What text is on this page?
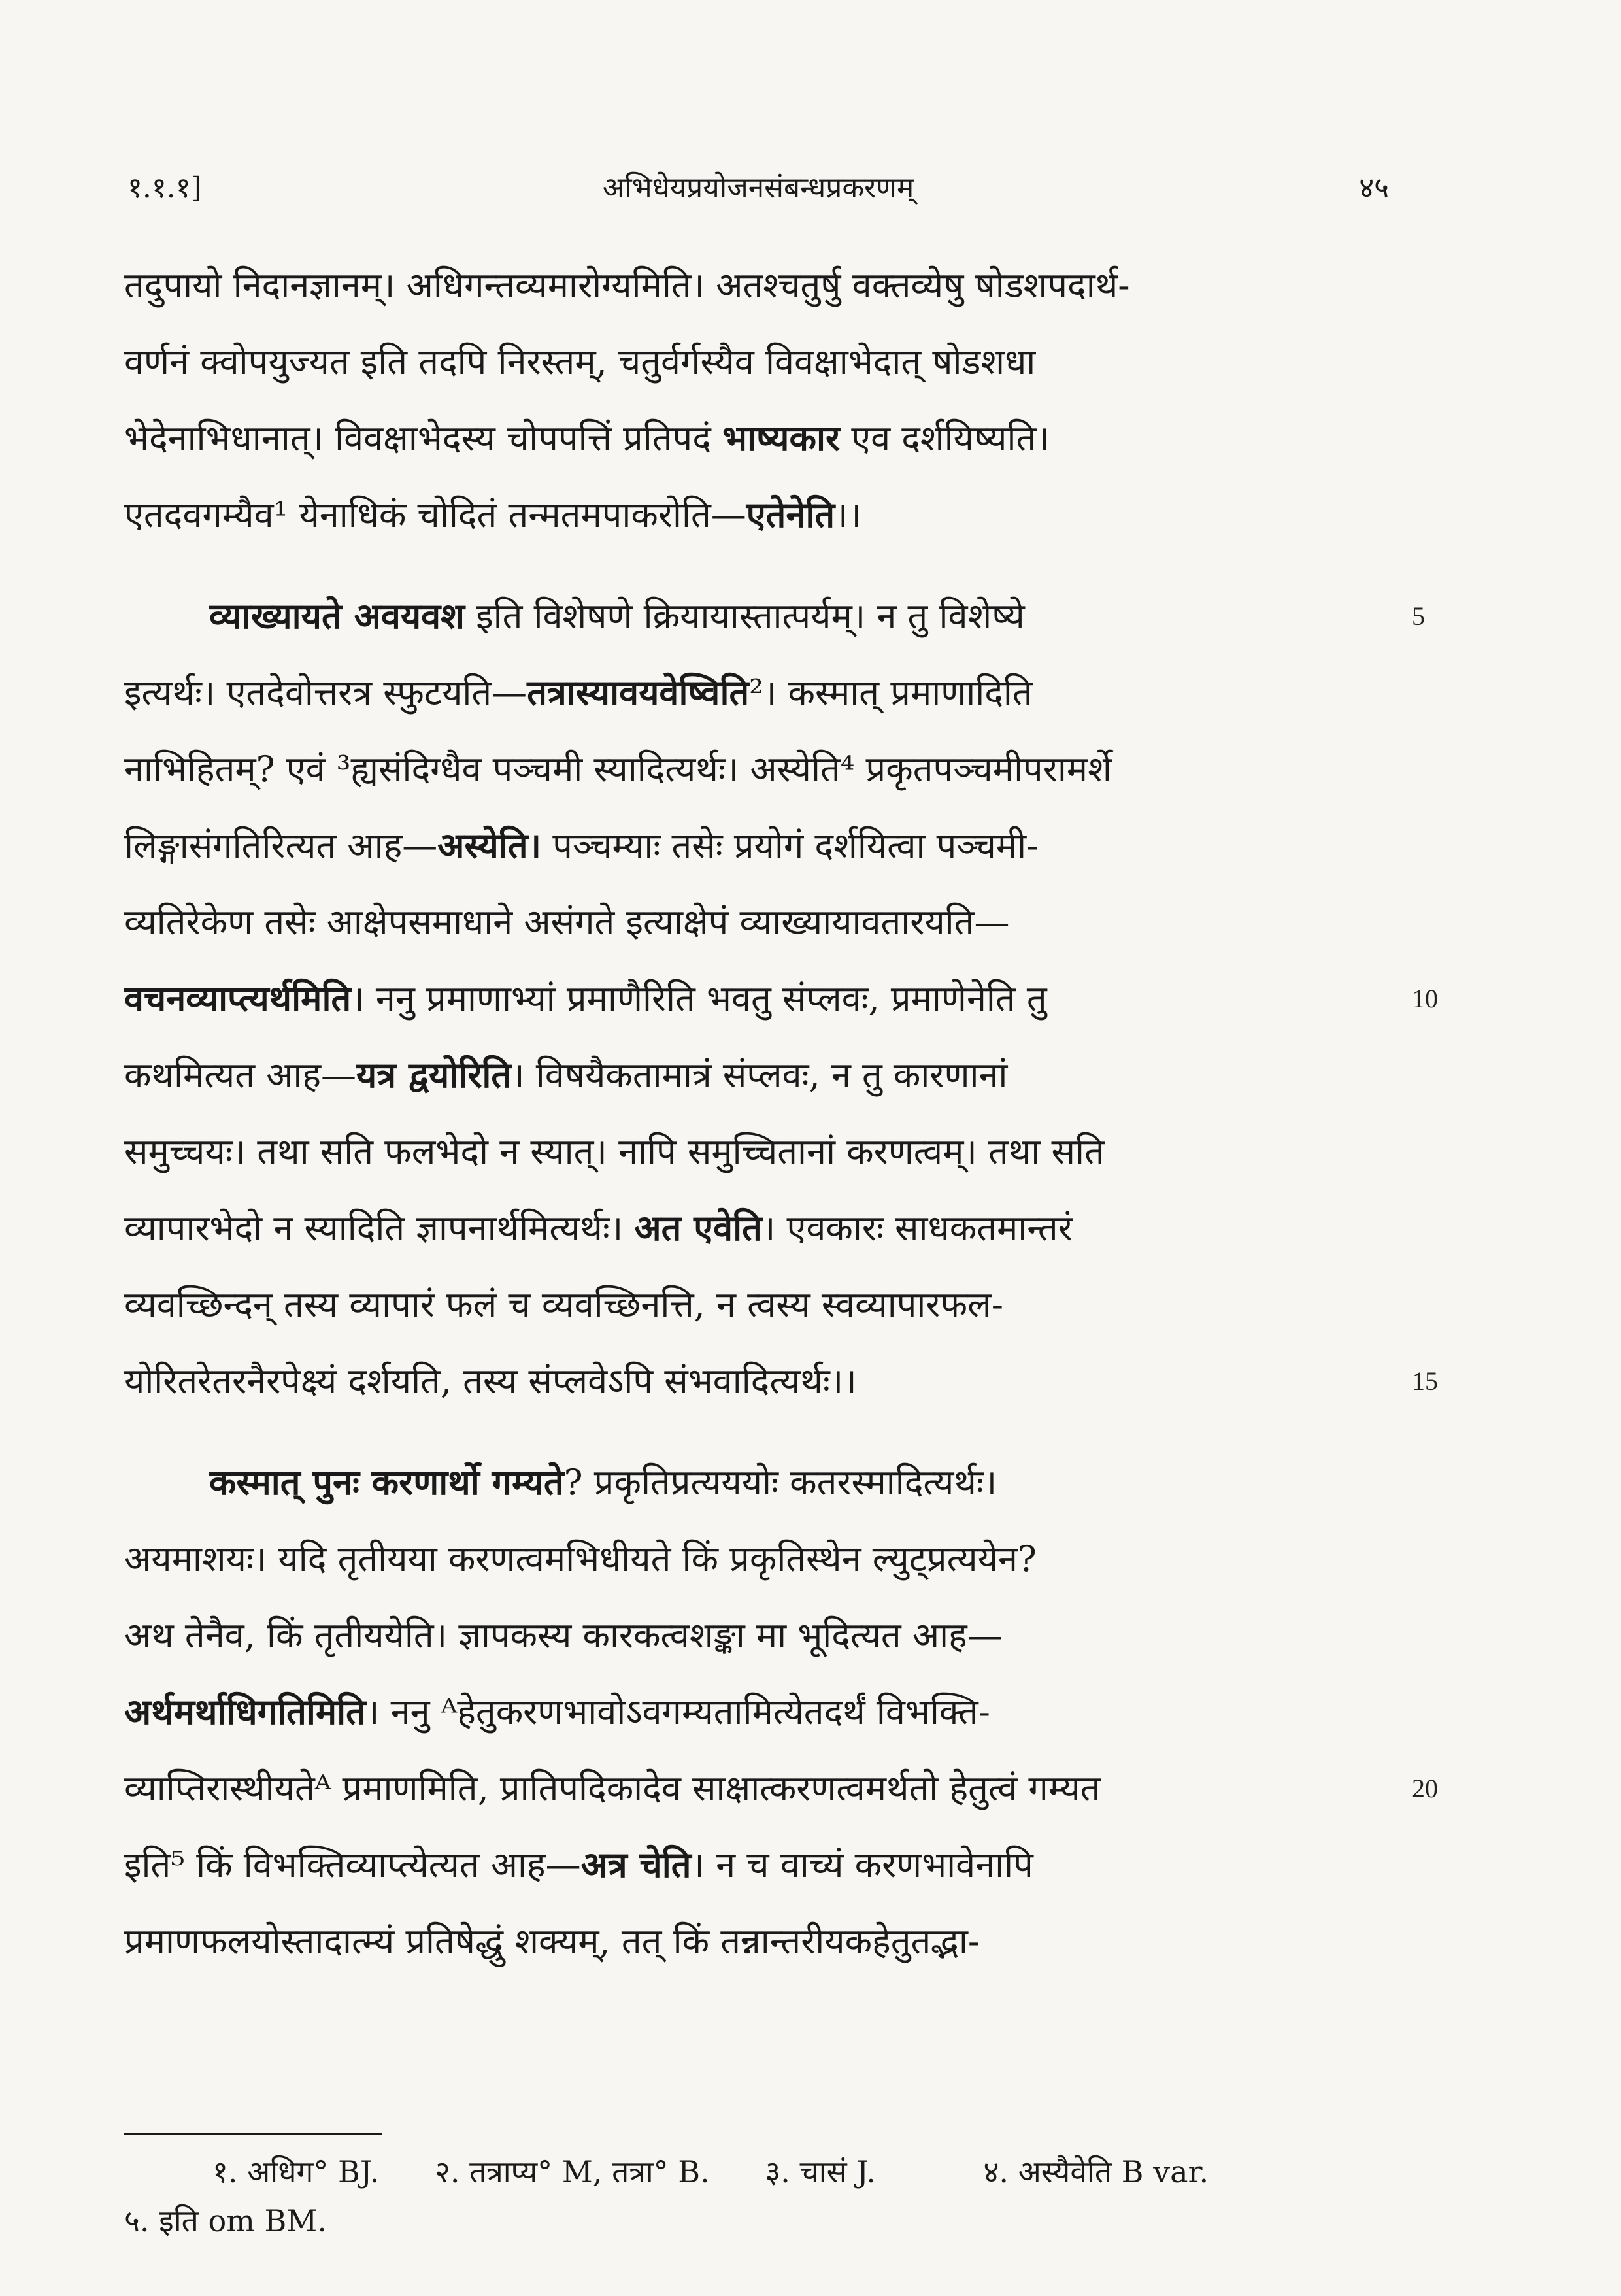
१.१.१]	अभिधेयप्रयोजनसंबन्धप्रकरणम्	४५
तदुपायो निदानज्ञानम्। अधिगन्तव्यमारोग्यमिति। अतश्चतुर्षु वक्तव्येषु षोडशपदार्थ-
वर्णनं क्वोपयुज्यत इति तदपि निरस्तम्, चतुर्वर्गस्यैव विवक्षाभेदात् षोडशधा
भेदेनाभिधानात्। विवक्षाभेदस्य चोपपत्तिं प्रतिपदं भाष्यकार एव दर्शयिष्यति।
एतदवगम्यैव¹ येनाधिकं चोदितं तन्मतमपाकरोति—एतेनेति।।
व्याख्यायते अवयवश इति विशेषणे क्रियायास्तात्पर्यम्। न तु विशेष्ये	5
इत्यर्थः। एतदेवोत्तरत्र स्फुटयति—तत्रास्यावयवेष्विति²। कस्मात् प्रमाणादिति
नाभिहितम्? एवं ³ह्यसंदिग्धैव पञ्चमी स्यादित्यर्थः। अस्येति⁴ प्रकृतपञ्चमीपरामर्शे
लिङ्गासंगतिरित्यत आह—अस्येति। पञ्चम्याः तसेः प्रयोगं दर्शयित्वा पञ्चमी-
व्यतिरेकेण तसेः आक्षेपसमाधाने असंगते इत्याक्षेपं व्याख्यायावतारयति—
वचनव्याप्त्यर्थमिति। ननु प्रमाणाभ्यां प्रमाणैरिति भवतु संप्लवः, प्रमाणेनेति तु	10
कथमित्यत आह—यत्र द्वयोरिति। विषयैकतामात्रं संप्लवः, न तु कारणानां
समुच्चयः। तथा सति फलभेदो न स्यात्। नापि समुच्चितानां करणत्वम्। तथा सति
व्यापारभेदो न स्यादिति ज्ञापनार्थमित्यर्थः। अत एवेति। एवकारः साधकतमान्तरं
व्यवच्छिन्दन् तस्य व्यापारं फलं च व्यवच्छिनत्ति, न त्वस्य स्वव्यापारफल-
योरितरेतरनैरपेक्ष्यं दर्शयति, तस्य संप्लवेऽपि संभवादित्यर्थः।।	15
कस्मात् पुनः करणार्थो गम्यते? प्रकृतिप्रत्यययोः कतरस्मादित्यर्थः।
अयमाशयः। यदि तृतीयया करणत्वमभिधीयते किं प्रकृतिस्थेन ल्युट्प्रत्ययेन?
अथ तेनैव, किं तृतीययेति। ज्ञापकस्य कारकत्वशङ्का मा भूदित्यत आह—
अर्थमर्थाधिगतिमिति। ननु ᴬहेतुकरणभावोऽवगम्यतामित्येतदर्थं विभक्ति-
व्याप्तिरास्थीयतेᴬ प्रमाणमिति, प्रातिपदिकादेव साक्षात्करणत्वमर्थतो हेतुत्वं गम्यत	20
इति⁵ किं विभक्तिव्याप्त्येत्यत आह—अत्र चेति। न च वाच्यं करणभावेनापि
प्रमाणफलयोस्तादात्म्यं प्रतिषेद्धुं शक्यम्, तत् किं तन्नान्तरीयकहेतुतद्भा-
१. अधिग° BJ. २. तत्राप्य° M, तत्रा° B. ३. चासं J.	४. अस्यैवेति B var.
५. इति om BM.
